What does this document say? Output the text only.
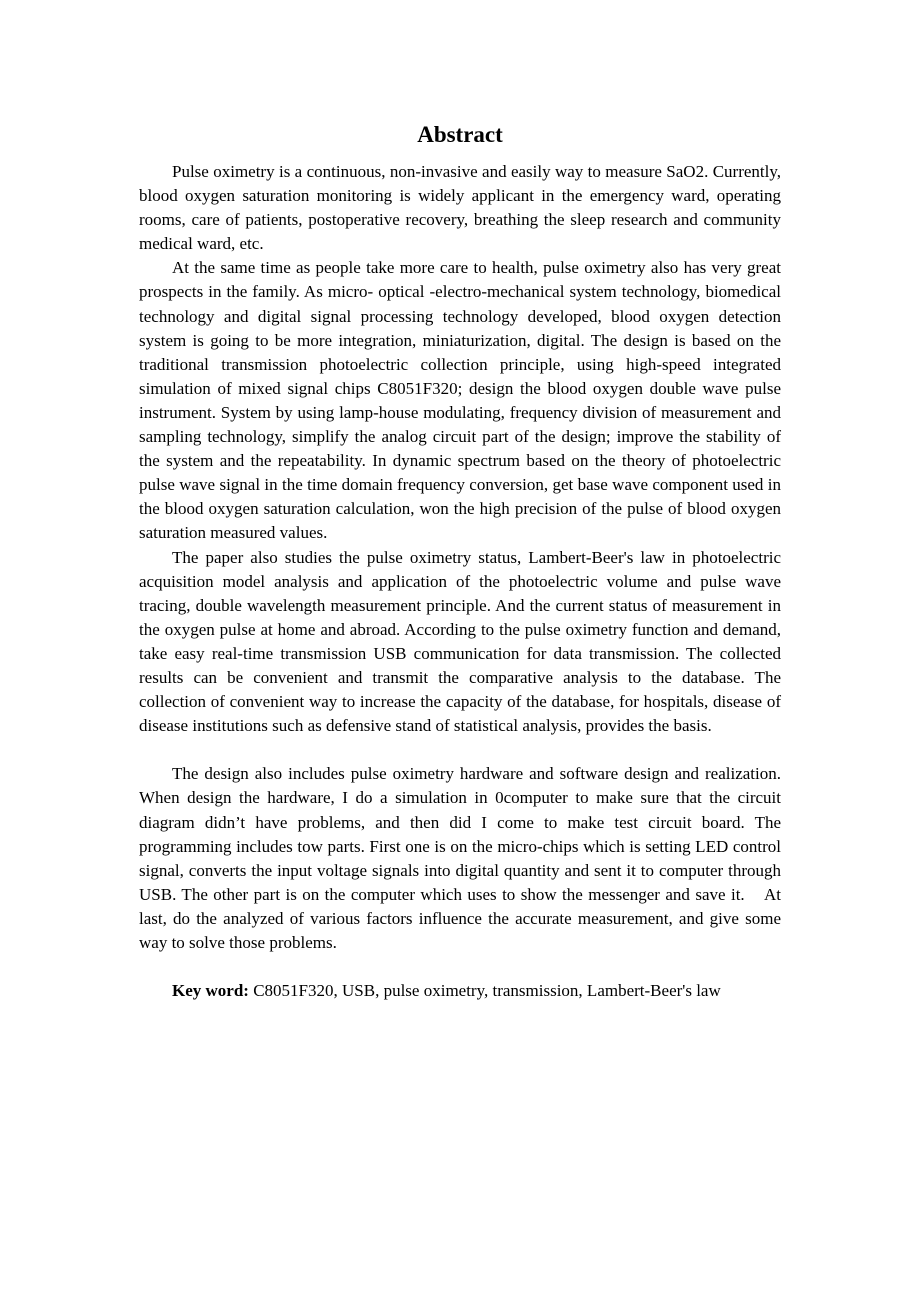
Abstract

Pulse oximetry is a continuous, non-invasive and easily way to measure SaO2. Currently, blood oxygen saturation monitoring is widely applicant in the emergency ward, operating rooms, care of patients, postoperative recovery, breathing the sleep research and community medical ward, etc.

At the same time as people take more care to health, pulse oximetry also has very great prospects in the family. As micro- optical -electro-mechanical system technology, biomedical technology and digital signal processing technology developed, blood oxygen detection system is going to be more integration, miniaturization, digital. The design is based on the traditional transmission photoelectric collection principle, using high-speed integrated simulation of mixed signal chips C8051F320; design the blood oxygen double wave pulse instrument. System by using lamp-house modulating, frequency division of measurement and sampling technology, simplify the analog circuit part of the design; improve the stability of the system and the repeatability. In dynamic spectrum based on the theory of photoelectric pulse wave signal in the time domain frequency conversion, get base wave component used in the blood oxygen saturation calculation, won the high precision of the pulse of blood oxygen saturation measured values.

The paper also studies the pulse oximetry status, Lambert-Beer's law in photoelectric acquisition model analysis and application of the photoelectric volume and pulse wave tracing, double wavelength measurement principle. And the current status of measurement in the oxygen pulse at home and abroad. According to the pulse oximetry function and demand, take easy real-time transmission USB communication for data transmission. The collected results can be convenient and transmit the comparative analysis to the database. The collection of convenient way to increase the capacity of the database, for hospitals, disease of disease institutions such as defensive stand of statistical analysis, provides the basis.

The design also includes pulse oximetry hardware and software design and realization. When design the hardware, I do a simulation in 0computer to make sure that the circuit diagram didn’t have problems, and then did I come to make test circuit board. The programming includes tow parts. First one is on the micro-chips which is setting LED control signal, converts the input voltage signals into digital quantity and sent it to computer through USB. The other part is on the computer which uses to show the messenger and save it.　At last, do the analyzed of various factors influence the accurate measurement, and give some way to solve those problems.

Key word: C8051F320, USB, pulse oximetry, transmission, Lambert-Beer's law
